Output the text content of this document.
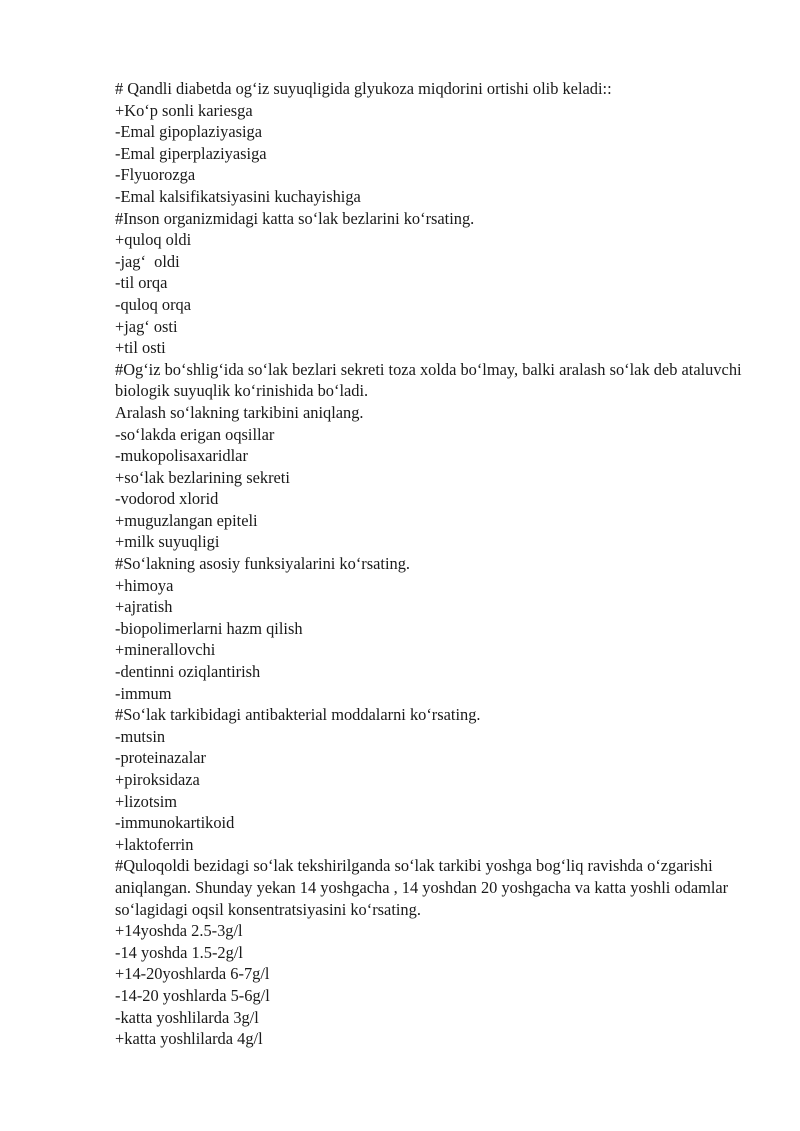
# Qandli diabetda og‘iz suyuqligida glyukoza miqdorini ortishi olib keladi::

+Ko‘p sonli kariesga

-Emal gipoplaziyasiga

-Emal giperplaziyasiga

-Flyuorozga

-Emal kalsifikatsiyasini kuchayishiga

#Inson organizmidagi katta so‘lak bezlarini ko‘rsating.

+quloq oldi

-jag‘  oldi

-til orqa

-quloq orqa

+jag‘ osti

+til osti

#Og‘iz bo‘shlig‘ida so‘lak bezlari sekreti toza xolda bo‘lmay, balki aralash so‘lak deb ataluvchi biologik suyuqlik ko‘rinishida bo‘ladi.

Aralash so‘lakning tarkibini aniqlang.

-so‘lakda erigan oqsillar

-mukopolisaxaridlar

+so‘lak bezlarining sekreti

-vodorod xlorid

+muguzlangan epiteli

+milk suyuqligi

#So‘lakning asosiy funksiyalarini ko‘rsating.

+himoya

+ajratish

-biopolimerlarni hazm qilish

+minerallovchi

-dentinni oziqlantirish

-immum

#So‘lak tarkibidagi antibakterial moddalarni ko‘rsating.

-mutsin

-proteinazalar

+piroksidaza

+lizotsim

-immunokartikoid

+laktoferrin

#Quloqoldi bezidagi so‘lak tekshirilganda so‘lak tarkibi yoshga bog‘liq ravishda o‘zgarishi aniqlangan. Shunday yekan 14 yoshgacha , 14 yoshdan 20 yoshgacha va katta yoshli odamlar so‘lagidagi oqsil konsentratsiyasini ko‘rsating.

+14yoshda 2.5-3g/l

-14 yoshda 1.5-2g/l

+14-20yoshlarda 6-7g/l

-14-20 yoshlarda 5-6g/l

-katta yoshlilarda 3g/l

+katta yoshlilarda 4g/l
